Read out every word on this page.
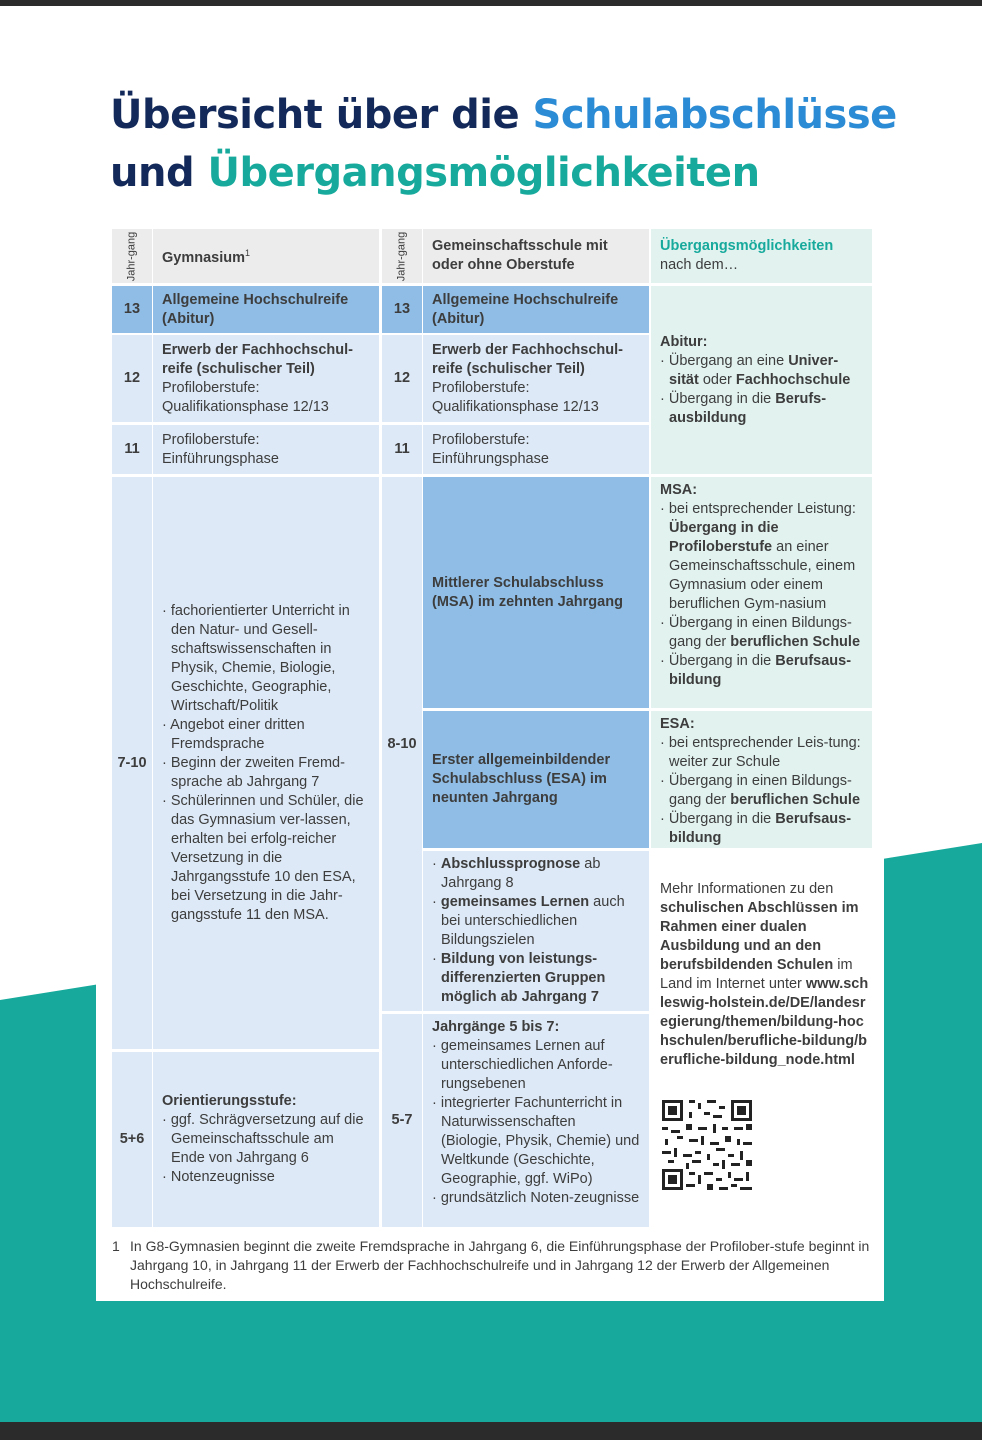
Übersicht über die Schulabschlüsse
und Übergangsmöglichkeiten
Jahr-gang Gymnasium$^1$	Jahr-gang Gemeinschaftsschule mit oder ohne Oberstufe
Übergangsmöglichkeiten
nach dem…
13
Allgemeine Hochschulreife (Abitur)
12
Erwerb der Fachhochschul-reife (schulischer Teil)
Profiloberstufe: Qualifikationsphase 12/13
11
Profiloberstufe: Einführungsphase
7-10
· fachorientierter Unterricht in den Natur- und Gesell-schaftswissenschaften in Physik, Chemie, Biologie, Geschichte, Geographie, Wirtschaft/Politik
· Angebot einer dritten Fremdsprache
· Beginn der zweiten Fremd-sprache ab Jahrgang 7
· Schülerinnen und Schüler, die das Gymnasium ver-lassen, erhalten bei erfolg-reicher Versetzung in die Jahrgangsstufe 10 den ESA, bei Versetzung in die Jahr-gangsstufe 11 den MSA.
5+6
Orientierungsstufe:
· ggf. Schrägversetzung auf die Gemeinschaftsschule am Ende von Jahrgang 6
· Notenzeugnisse
13
Allgemeine Hochschulreife (Abitur)
12
Erwerb der Fachhochschul-reife (schulischer Teil)
Profiloberstufe: Qualifikationsphase 12/13
11
Profiloberstufe: Einführungsphase
8-10
Mittlerer Schulabschluss (MSA) im zehnten Jahrgang
Erster allgemeinbildender Schulabschluss (ESA) im neunten Jahrgang
· Abschlussprognose ab Jahrgang 8
· gemeinsames Lernen auch bei unterschiedlichen Bildungszielen
· Bildung von leistungs-differenzierten Gruppen möglich ab Jahrgang 7
5-7
Jahrgänge 5 bis 7:
· gemeinsames Lernen auf unterschiedlichen Anforde-rungsebenen
· integrierter Fachunterricht in Naturwissenschaften (Biologie, Physik, Chemie) und Weltkunde (Geschichte, Geographie, ggf. WiPo)
· grundsätzlich Noten-zeugnisse
Abitur:
· Übergang an eine Univer-sität oder Fachhochschule
· Übergang in die Berufs-ausbildung
MSA:
· bei entsprechender Leistung: Übergang in die Profiloberstufe an einer Gemeinschaftsschule, einem Gymnasium oder einem beruflichen Gym-nasium
· Übergang in einen Bildungs-gang der beruflichen Schule
· Übergang in die Berufsaus-bildung
ESA:
· bei entsprechender Leis-tung: weiter zur Schule
· Übergang in einen Bildungs-gang der beruflichen Schule
· Übergang in die Berufsaus-bildung
Mehr Informationen zu den schulischen Abschlüssen im Rahmen einer dualen Ausbildung und an den berufsbildenden Schulen im Land im Internet unter www.schleswig-holstein.de/DE/landesregierung/themen/bildung-hochschulen/berufliche-bildung/berufliche-bildung_node.html
1 In G8-Gymnasien beginnt die zweite Fremdsprache in Jahrgang 6, die Einführungsphase der Profilober-stufe beginnt in Jahrgang 10, in Jahrgang 11 der Erwerb der Fachhochschulreife und in Jahrgang 12 der Erwerb der Allgemeinen Hochschulreife.
